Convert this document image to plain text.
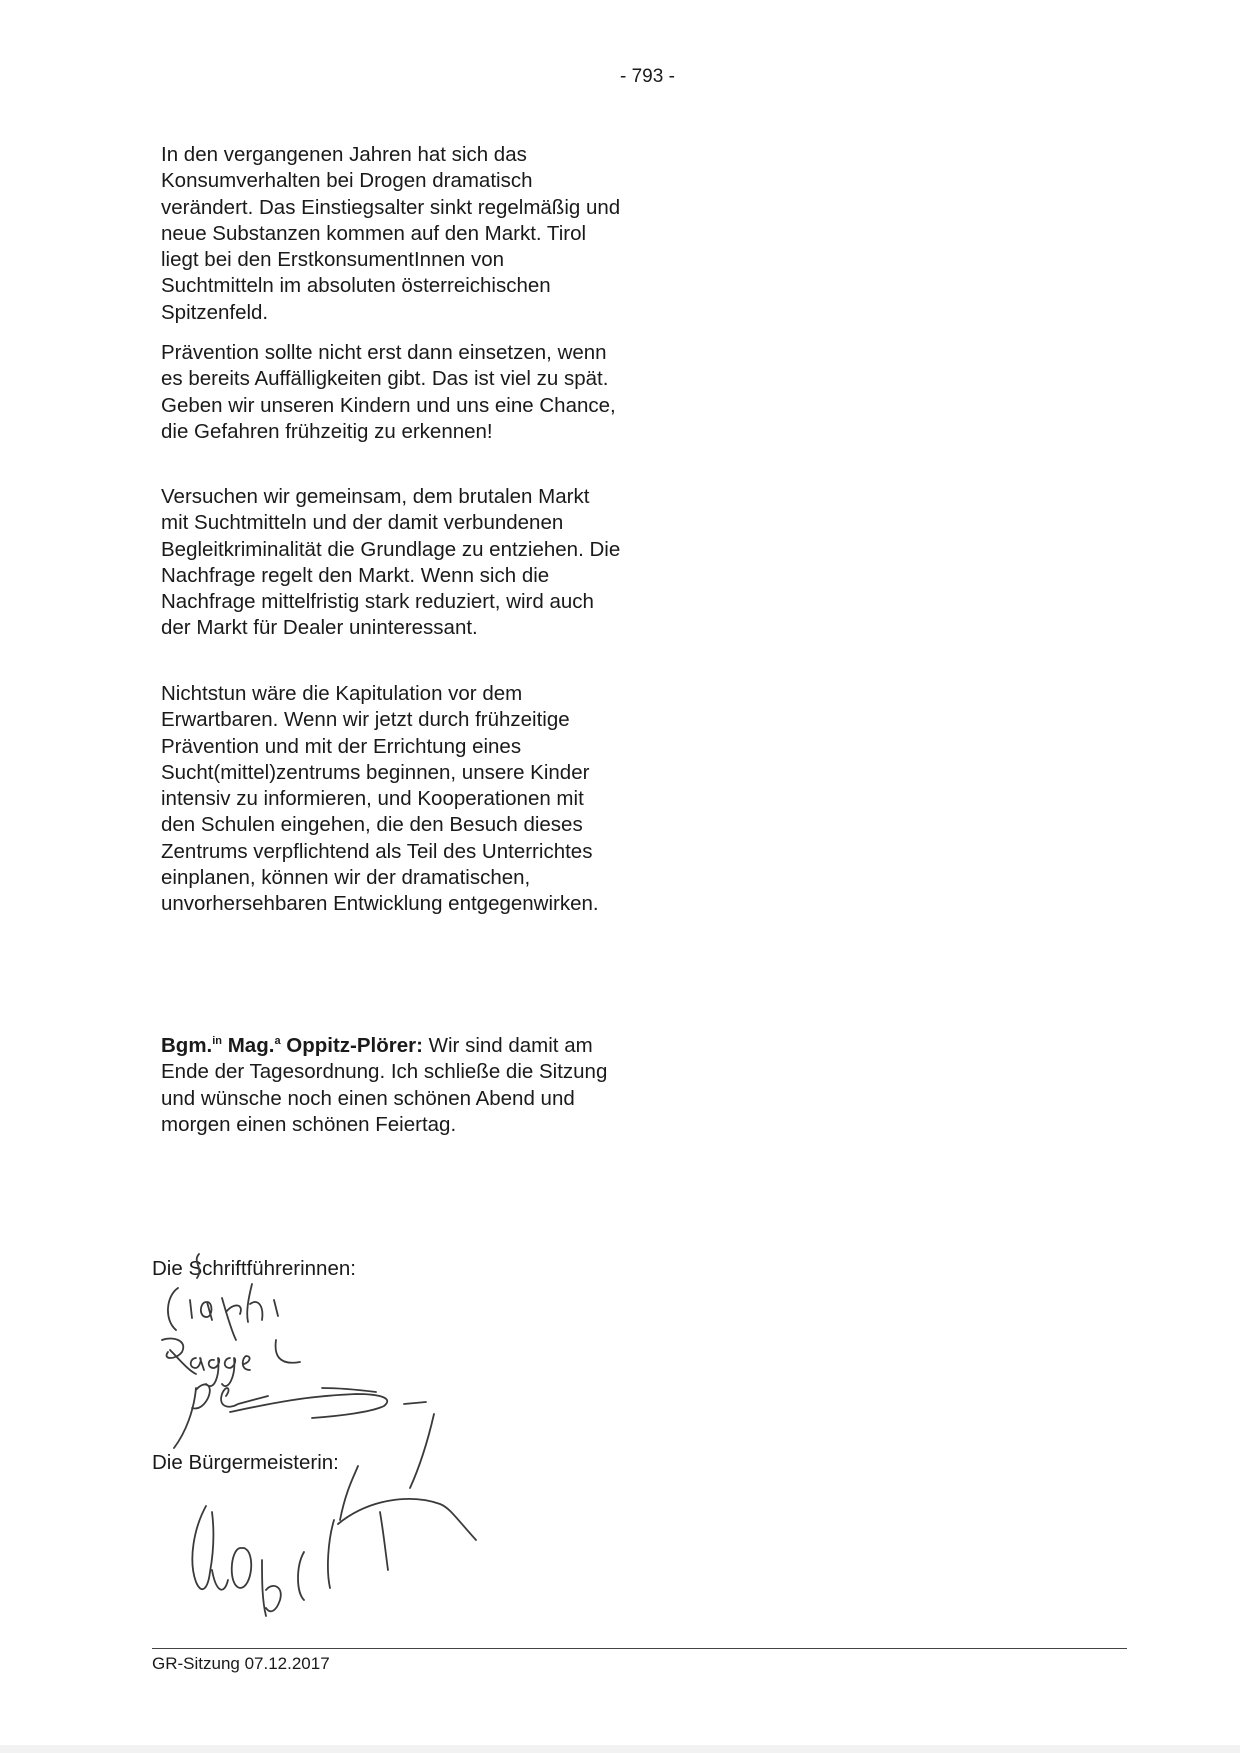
- 793 -

In den vergangenen Jahren hat sich das Konsumverhalten bei Drogen dramatisch verändert. Das Einstiegsalter sinkt regelmäßig und neue Substanzen kommen auf den Markt. Tirol liegt bei den ErstkonsumentInnen von Suchtmitteln im absoluten österreichischen Spitzenfeld.

Prävention sollte nicht erst dann einsetzen, wenn es bereits Auffälligkeiten gibt. Das ist viel zu spät. Geben wir unseren Kindern und uns eine Chance, die Gefahren frühzeitig zu erkennen!

Versuchen wir gemeinsam, dem brutalen Markt mit Suchtmitteln und der damit verbundenen Begleitkriminalität die Grundlage zu entziehen. Die Nachfrage regelt den Markt. Wenn sich die Nachfrage mittelfristig stark reduziert, wird auch der Markt für Dealer uninteressant.

Nichtstun wäre die Kapitulation vor dem Erwartbaren. Wenn wir jetzt durch frühzeitige Prävention und mit der Errichtung eines Sucht(mittel)zentrums beginnen, unsere Kinder intensiv zu informieren, und Kooperationen mit den Schulen eingehen, die den Besuch dieses Zentrums verpflichtend als Teil des Unterrichtes einplanen, können wir der dramatischen, unvorhersehbaren Entwicklung entgegenwirken.

Bgm.$^{in}$ Mag.$^a$ Oppitz-Plörer: Wir sind damit am Ende der Tagesordnung. Ich schließe die Sitzung und wünsche noch einen schönen Abend und morgen einen schönen Feiertag.

Die Schriftführerinnen:
Die Bürgermeisterin:
GR-Sitzung 07.12.2017
